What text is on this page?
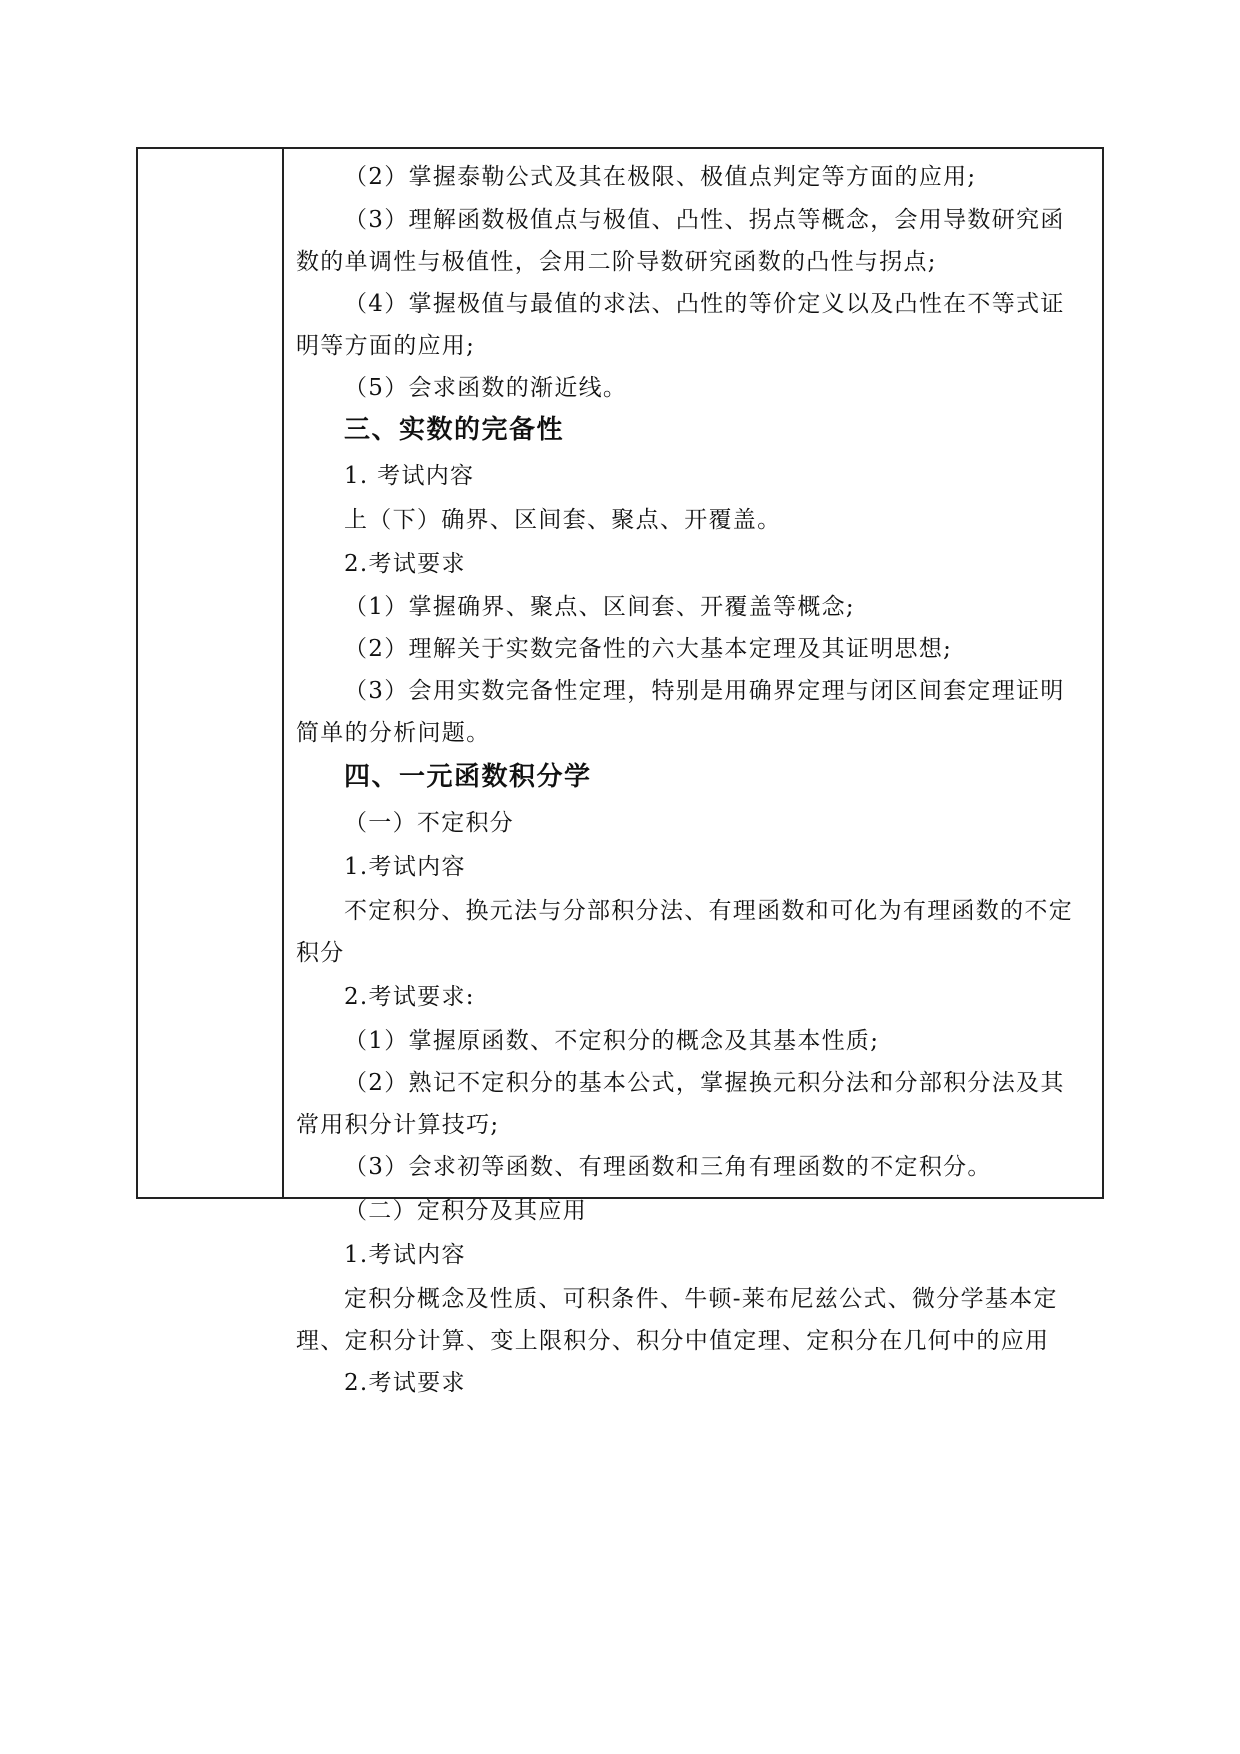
（2）掌握泰勒公式及其在极限、极值点判定等方面的应用;
（3）理解函数极值点与极值、凸性、拐点等概念，会用导数研究函
数的单调性与极值性，会用二阶导数研究函数的凸性与拐点;
（4）掌握极值与最值的求法、凸性的等价定义以及凸性在不等式证
明等方面的应用;
（5）会求函数的渐近线。
三、实数的完备性
1. 考试内容
上（下）确界、区间套、聚点、开覆盖。
2.考试要求
（1）掌握确界、聚点、区间套、开覆盖等概念;
（2）理解关于实数完备性的六大基本定理及其证明思想;
（3）会用实数完备性定理，特别是用确界定理与闭区间套定理证明
简单的分析问题。
四、一元函数积分学
（一）不定积分
1.考试内容
不定积分、换元法与分部积分法、有理函数和可化为有理函数的不定
积分
2.考试要求:
（1）掌握原函数、不定积分的概念及其基本性质;
（2）熟记不定积分的基本公式，掌握换元积分法和分部积分法及其
常用积分计算技巧;
（3）会求初等函数、有理函数和三角有理函数的不定积分。
（二）定积分及其应用
1.考试内容
定积分概念及性质、可积条件、牛顿-莱布尼兹公式、微分学基本定
理、定积分计算、变上限积分、积分中值定理、定积分在几何中的应用
2.考试要求
